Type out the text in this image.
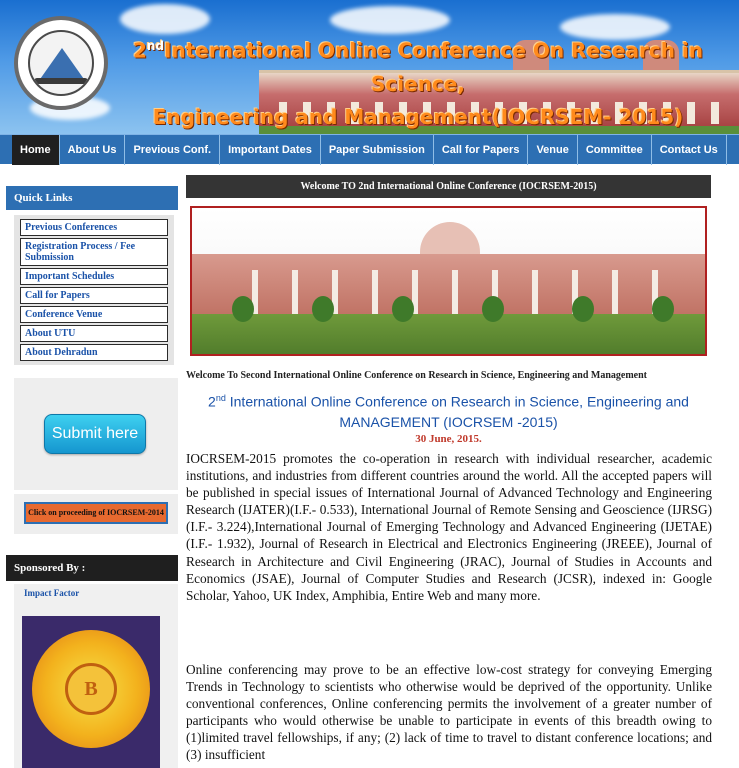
2ndInternational Online Conference On Research in Science,
Engineering and Management(IOCRSEM- 2015)
Home	About Us	Previous Conf.	Important Dates	Paper Submission	Call for Papers	Venue	Committee	Contact Us
Quick Links
Previous Conferences
Registration Process / Fee Submission
Important Schedules
Call for Papers
Conference Venue
About UTU
About Dehradun
Submit here
Click on proceeding of IOCRSEM-2014
Sponsored By :
Impact Factor
B
Welcome TO 2nd International Online Conference (IOCRSEM-2015)
Welcome To Second International Online Conference on Research in Science, Engineering and Management
2nd International Online Conference on Research in Science, Engineering and MANAGEMENT (IOCRSEM -2015)
30 June, 2015.
IOCRSEM-2015 promotes the co-operation in research with individual researcher, academic institutions, and industries from different countries around the world. All the accepted papers will be published in special issues of International Journal of Advanced Technology and Engineering Research (IJATER)(I.F.- 0.533), International Journal of Remote Sensing and Geoscience (IJRSG)(I.F.- 3.224),International Journal of Emerging Technology and Advanced Engineering (IJETAE)(I.F.- 1.932), Journal of Research in Electrical and Electronics Engineering (JREEE), Journal of Research in Architecture and Civil Engineering (JRAC), Journal of Studies in Accounts and Economics (JSAE), Journal of Computer Studies and Research (JCSR), indexed in: Google Scholar, Yahoo, UK Index, Amphibia, Entire Web and many more.
Online conferencing may prove to be an effective low-cost strategy for conveying Emerging Trends in Technology to scientists who otherwise would be deprived of the opportunity. Unlike conventional conferences, Online conferencing permits the involvement of a greater number of participants who would otherwise be unable to participate in events of this breadth owing to (1)limited travel fellowships, if any; (2) lack of time to travel to distant conference locations; and (3) insufficient
